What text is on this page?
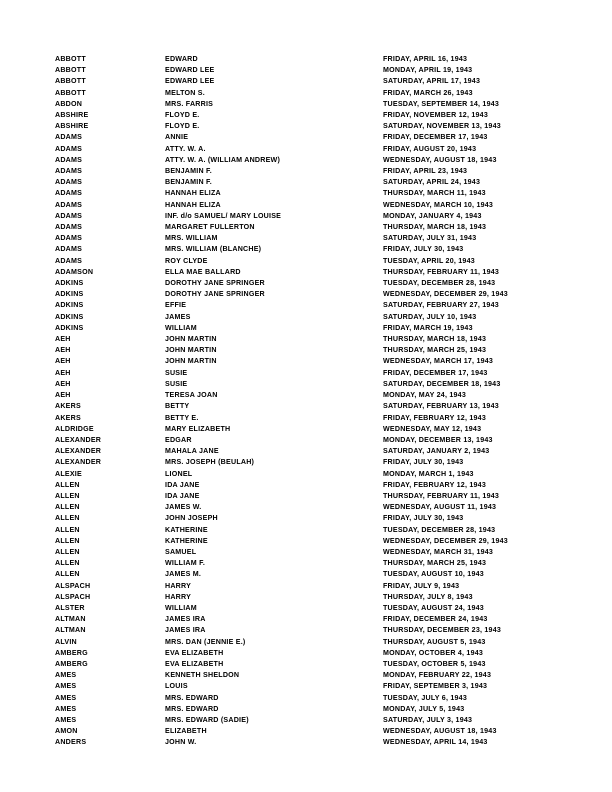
ABBOTT	EDWARD	FRIDAY, APRIL 16, 1943
ABBOTT	EDWARD LEE	MONDAY, APRIL 19, 1943
ABBOTT	EDWARD LEE	SATURDAY, APRIL 17, 1943
ABBOTT	MELTON S.	FRIDAY, MARCH 26, 1943
ABDON	MRS. FARRIS	TUESDAY, SEPTEMBER 14, 1943
ABSHIRE	FLOYD E.	FRIDAY, NOVEMBER 12, 1943
ABSHIRE	FLOYD E.	SATURDAY, NOVEMBER 13, 1943
ADAMS	ANNIE	FRIDAY, DECEMBER 17, 1943
ADAMS	ATTY. W. A.	FRIDAY, AUGUST 20, 1943
ADAMS	ATTY. W. A. (WILLIAM ANDREW)	WEDNESDAY, AUGUST 18, 1943
ADAMS	BENJAMIN F.	FRIDAY, APRIL 23, 1943
ADAMS	BENJAMIN F.	SATURDAY, APRIL 24, 1943
ADAMS	HANNAH ELIZA	THURSDAY, MARCH 11, 1943
ADAMS	HANNAH ELIZA	WEDNESDAY, MARCH 10, 1943
ADAMS	INF. d/o SAMUEL/ MARY LOUISE	MONDAY, JANUARY 4, 1943
ADAMS	MARGARET FULLERTON	THURSDAY, MARCH 18, 1943
ADAMS	MRS. WILLIAM	SATURDAY, JULY 31, 1943
ADAMS	MRS. WILLIAM (BLANCHE)	FRIDAY, JULY 30, 1943
ADAMS	ROY CLYDE	TUESDAY, APRIL 20, 1943
ADAMSON	ELLA MAE BALLARD	THURSDAY, FEBRUARY 11, 1943
ADKINS	DOROTHY JANE SPRINGER	TUESDAY, DECEMBER 28, 1943
ADKINS	DOROTHY JANE SPRINGER	WEDNESDAY, DECEMBER 29, 1943
ADKINS	EFFIE	SATURDAY, FEBRUARY 27, 1943
ADKINS	JAMES	SATURDAY, JULY 10, 1943
ADKINS	WILLIAM	FRIDAY, MARCH 19, 1943
AEH	JOHN MARTIN	THURSDAY, MARCH 18, 1943
AEH	JOHN MARTIN	THURSDAY, MARCH 25, 1943
AEH	JOHN MARTIN	WEDNESDAY, MARCH 17, 1943
AEH	SUSIE	FRIDAY, DECEMBER 17, 1943
AEH	SUSIE	SATURDAY, DECEMBER 18, 1943
AEH	TERESA JOAN	MONDAY, MAY 24, 1943
AKERS	BETTY	SATURDAY, FEBRUARY 13, 1943
AKERS	BETTY E.	FRIDAY, FEBRUARY 12, 1943
ALDRIDGE	MARY ELIZABETH	WEDNESDAY, MAY 12, 1943
ALEXANDER	EDGAR	MONDAY, DECEMBER 13, 1943
ALEXANDER	MAHALA JANE	SATURDAY, JANUARY 2, 1943
ALEXANDER	MRS. JOSEPH (BEULAH)	FRIDAY, JULY 30, 1943
ALEXIE	LIONEL	MONDAY, MARCH 1, 1943
ALLEN	IDA JANE	FRIDAY, FEBRUARY 12, 1943
ALLEN	IDA JANE	THURSDAY, FEBRUARY 11, 1943
ALLEN	JAMES W.	WEDNESDAY, AUGUST 11, 1943
ALLEN	JOHN JOSEPH	FRIDAY, JULY 30, 1943
ALLEN	KATHERINE	TUESDAY, DECEMBER 28, 1943
ALLEN	KATHERINE	WEDNESDAY, DECEMBER 29, 1943
ALLEN	SAMUEL	WEDNESDAY, MARCH 31, 1943
ALLEN	WILLIAM F.	THURSDAY, MARCH 25, 1943
ALLEN	JAMES M.	TUESDAY, AUGUST 10, 1943
ALSPACH	HARRY	FRIDAY, JULY 9, 1943
ALSPACH	HARRY	THURSDAY, JULY 8, 1943
ALSTER	WILLIAM	TUESDAY, AUGUST 24, 1943
ALTMAN	JAMES IRA	FRIDAY, DECEMBER 24, 1943
ALTMAN	JAMES IRA	THURSDAY, DECEMBER 23, 1943
ALVIN	MRS. DAN (JENNIE E.)	THURSDAY, AUGUST 5, 1943
AMBERG	EVA ELIZABETH	MONDAY, OCTOBER 4, 1943
AMBERG	EVA ELIZABETH	TUESDAY, OCTOBER 5, 1943
AMES	KENNETH SHELDON	MONDAY, FEBRUARY 22, 1943
AMES	LOUIS	FRIDAY, SEPTEMBER 3, 1943
AMES	MRS. EDWARD	TUESDAY, JULY 6, 1943
AMES	MRS. EDWARD	MONDAY, JULY 5, 1943
AMES	MRS. EDWARD (SADIE)	SATURDAY, JULY 3, 1943
AMON	ELIZABETH	WEDNESDAY, AUGUST 18, 1943
ANDERS	JOHN W.	WEDNESDAY, APRIL 14, 1943
